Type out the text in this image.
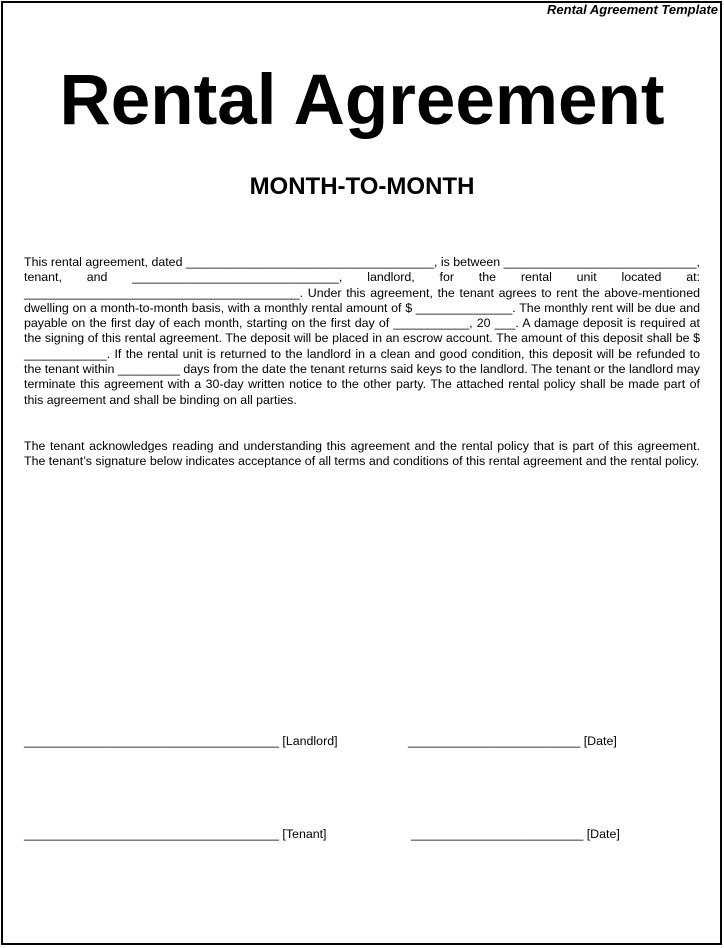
Rental Agreement Template
Rental Agreement
MONTH-TO-MONTH
This rental agreement, dated ____________________________________, is between ____________________________, tenant, and ______________________________, landlord, for the rental unit located at: ________________________________________. Under this agreement, the tenant agrees to rent the above-mentioned dwelling on a month-to-month basis, with a monthly rental amount of $ ______________. The monthly rent will be due and payable on the first day of each month, starting on the first day of ___________, 20 ___. A damage deposit is required at the signing of this rental agreement. The deposit will be placed in an escrow account. The amount of this deposit shall be $ ____________. If the rental unit is returned to the landlord in a clean and good condition, this deposit will be refunded to the tenant within _________ days from the date the tenant returns said keys to the landlord. The tenant or the landlord may terminate this agreement with a 30-day written notice to the other party. The attached rental policy shall be made part of this agreement and shall be binding on all parties.
The tenant acknowledges reading and understanding this agreement and the rental policy that is part of this agreement. The tenant’s signature below indicates acceptance of all terms and conditions of this rental agreement and the rental policy.
_____________________________________ [Landlord]	_________________________ [Date]
_____________________________________ [Tenant]	_________________________ [Date]
